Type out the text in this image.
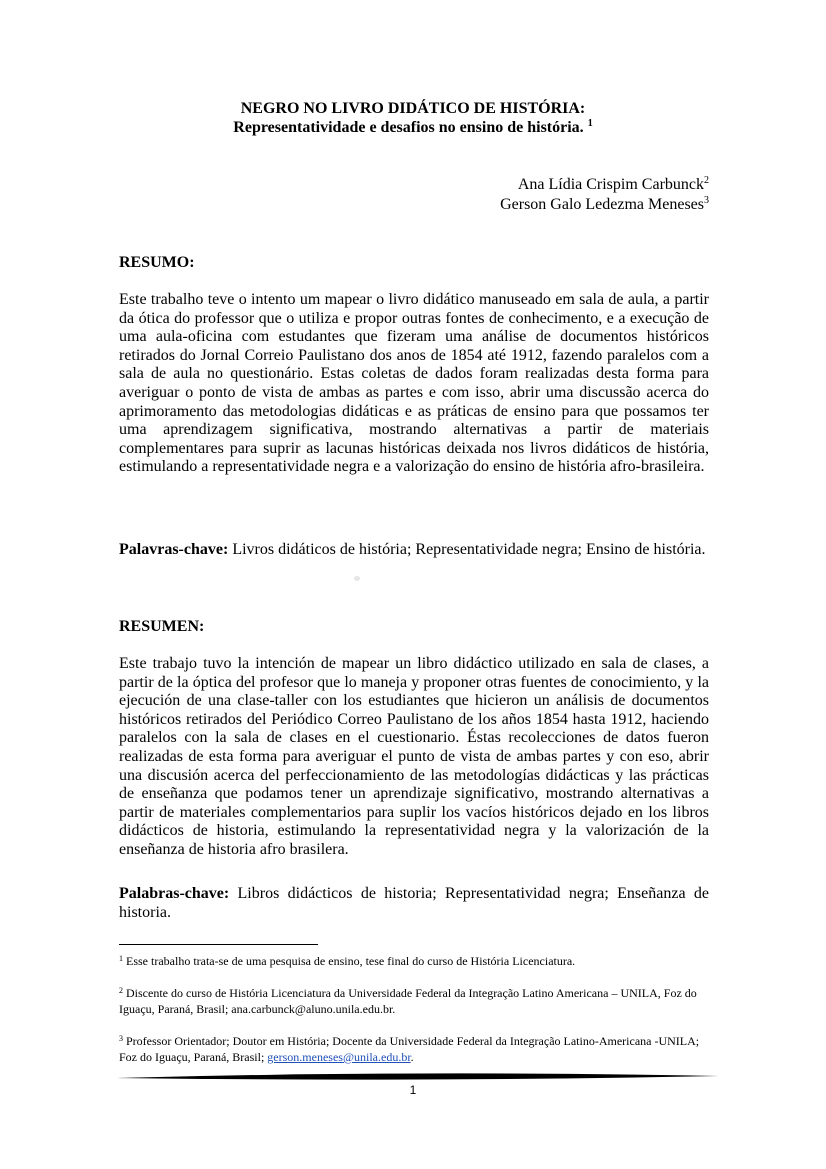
NEGRO NO LIVRO DIDÁTICO DE HISTÓRIA:
Representatividade e desafios no ensino de história. $^1$
Ana Lídia Crispim Carbunck$^2$
Gerson Galo Ledezma Meneses$^3$
RESUMO:
Este trabalho teve o intento um mapear o livro didático manuseado em sala de aula, a partir da ótica do professor que o utiliza e propor outras fontes de conhecimento, e a execução de uma aula-oficina com estudantes que fizeram uma análise de documentos históricos retirados do Jornal Correio Paulistano dos anos de 1854 até 1912, fazendo paralelos com a sala de aula no questionário. Estas coletas de dados foram realizadas desta forma para averiguar o ponto de vista de ambas as partes e com isso, abrir uma discussão acerca do aprimoramento das metodologias didáticas e as práticas de ensino para que possamos ter uma aprendizagem significativa, mostrando alternativas a partir de materiais complementares para suprir as lacunas históricas deixada nos livros didáticos de história, estimulando a representatividade negra e a valorização do ensino de história afro-brasileira.
Palavras-chave: Livros didáticos de história; Representatividade negra; Ensino de história.
RESUMEN:
Este trabajo tuvo la intención de mapear un libro didáctico utilizado en sala de clases, a partir de la óptica del profesor que lo maneja y proponer otras fuentes de conocimiento, y la ejecución de una clase-taller con los estudiantes que hicieron un análisis de documentos históricos retirados del Periódico Correo Paulistano de los años 1854 hasta 1912, haciendo paralelos con la sala de clases en el cuestionario. Éstas recolecciones de datos fueron realizadas de esta forma para averiguar el punto de vista de ambas partes y con eso, abrir una discusión acerca del perfeccionamiento de las metodologías didácticas y las prácticas de enseñanza que podamos tener un aprendizaje significativo, mostrando alternativas a partir de materiales complementarios para suplir los vacíos históricos dejado en los libros didácticos de historia, estimulando la representatividad negra y la valorización de la enseñanza de historia afro brasilera.
Palabras-chave: Libros didácticos de historia; Representatividad negra; Enseñanza de historia.
$^1$ Esse trabalho trata-se de uma pesquisa de ensino, tese final do curso de História Licenciatura.
$^2$ Discente do curso de História Licenciatura da Universidade Federal da Integração Latino Americana – UNILA, Foz do Iguaçu, Paraná, Brasil; ana.carbunck@aluno.unila.edu.br.
$^3$ Professor Orientador; Doutor em História; Docente da Universidade Federal da Integração Latino-Americana -UNILA; Foz do Iguaçu, Paraná, Brasil; gerson.meneses@unila.edu.br.
1
